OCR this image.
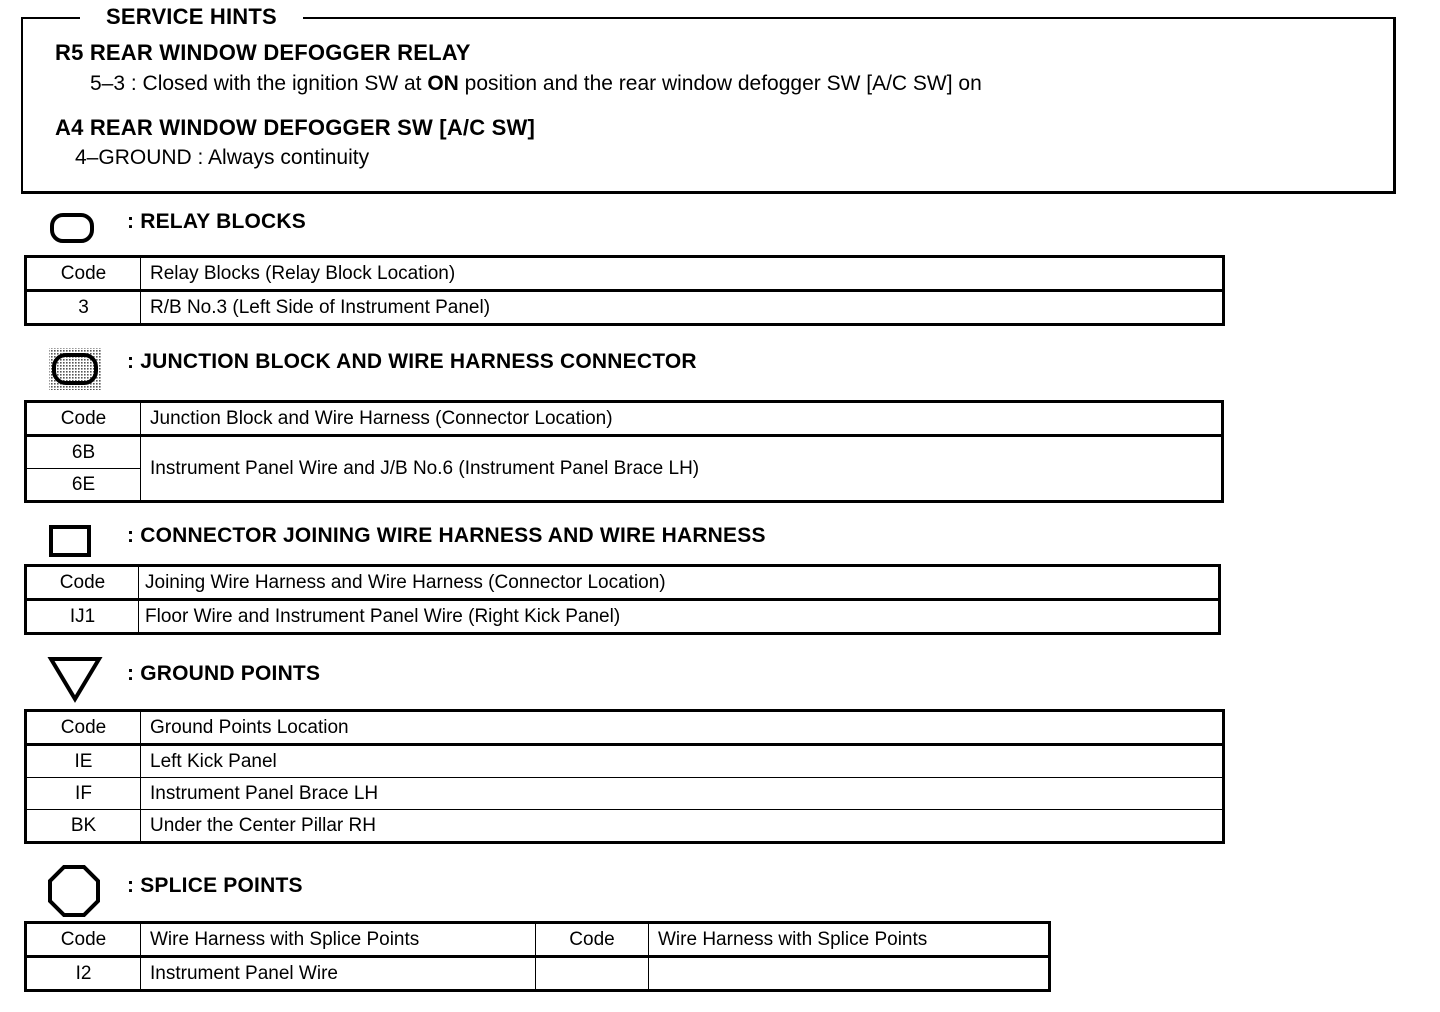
SERVICE HINTS
R5 REAR WINDOW DEFOGGER RELAY
5–3 : Closed with the ignition SW at ON position and the rear window defogger SW [A/C SW] on
A4 REAR WINDOW DEFOGGER SW [A/C SW]
4–GROUND : Always continuity
: RELAY BLOCKS
Code	Relay Blocks (Relay Block Location)
3	R/B No.3 (Left Side of Instrument Panel)
: JUNCTION BLOCK AND WIRE HARNESS CONNECTOR
Code	Junction Block and Wire Harness (Connector Location)
6B	Instrument Panel Wire and J/B No.6 (Instrument Panel Brace LH)
6E	
: CONNECTOR JOINING WIRE HARNESS AND WIRE HARNESS
Code	Joining Wire Harness and Wire Harness (Connector Location)
IJ1	Floor Wire and Instrument Panel Wire (Right Kick Panel)
: GROUND POINTS
Code	Ground Points Location
IE	Left Kick Panel
IF	Instrument Panel Brace LH
BK	Under the Center Pillar RH
: SPLICE POINTS
Code	Wire Harness with Splice Points	Code	Wire Harness with Splice Points
I2	Instrument Panel Wire		
